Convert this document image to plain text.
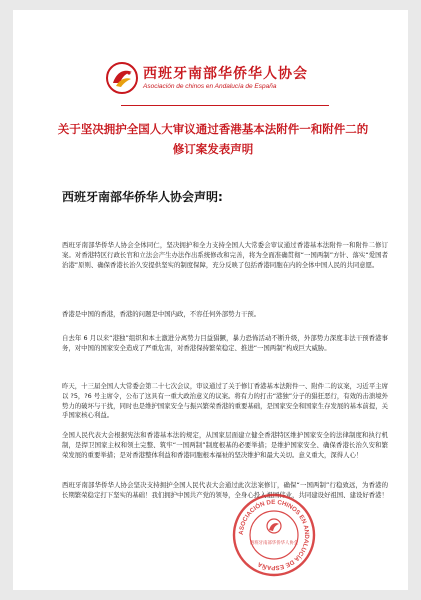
西班牙南部华侨华人协会
Asociación de chinos en Andalucía de España
关于坚决拥护全国人大审议通过香港基本法附件一和附件二的
修订案发表声明
西班牙南部华侨华人协会声明:

西班牙南部华侨华人协会全体同仁，坚决拥护和全力支持全国人大常委会审议通过香港基本法附件一和附件二修订案。对香港特区行政长官和立法会产生办法作出系统修改和完善，将为全面准确贯彻“一国两制”方针、落实“爱国者治港”原则、确保香港长治久安提供坚实的制度保障，充分反映了包括香港同胞在内的全体中国人民的共同意愿。

香港是中国的香港，香港的问题是中国内政，不容任何外部势力干预。

自去年 6 月以来“港独”组织和本土激进分离势力目益猖獗，暴力恐怖活动不断升级，外部势力深度非法干预香港事务，对中国的国家安全造成了严重危害，对香港保持繁荣稳定、推进“一国两制”构成巨大威胁。

昨天，十三届全国人大常委会第二十七次会议，审议通过了关于修订香港基本法附件一、附件二的议案，习近平主席以 ?5，?6 号主席令，公布了这具有一重大政治意义的议案。将有力的打击“港独”分子的猖狂恶行，有效的击溃境外势力的破坏与干扰，同时也是维护国家安全与振兴繁荣香港的重要基础，是国家安全和国家生存发展的基本前提，关乎国家核心利益。

全国人民代表大会根据宪法和香港基本法的规定，从国家层面建立健全香港特区维护国家安全的法律制度和执行机制，是捍卫国家主权和领土完整、筑牢“一国两制”制度根基的必要举措；是维护国家安全、确保香港长治久安和繁荣发展的重要举措；是对香港整体利益和香港同胞根本福祉的坚决维护和最大关切。意义重大，深得人心！

西班牙南部华侨华人协会坚决支持拥护全国人民代表大会通过此次法案修订，确保“一国两制”行稳致远，为香港的长期繁荣稳定打下坚实的基础！我们拥护中国共产党的领导，全身心投入祖国伟业，共同建设好祖国、建设好香港！

ASOCIACIÓN DE CHINOS EN ANDALUCÍA DE ESPAÑA
西班牙南部华侨华人协会
